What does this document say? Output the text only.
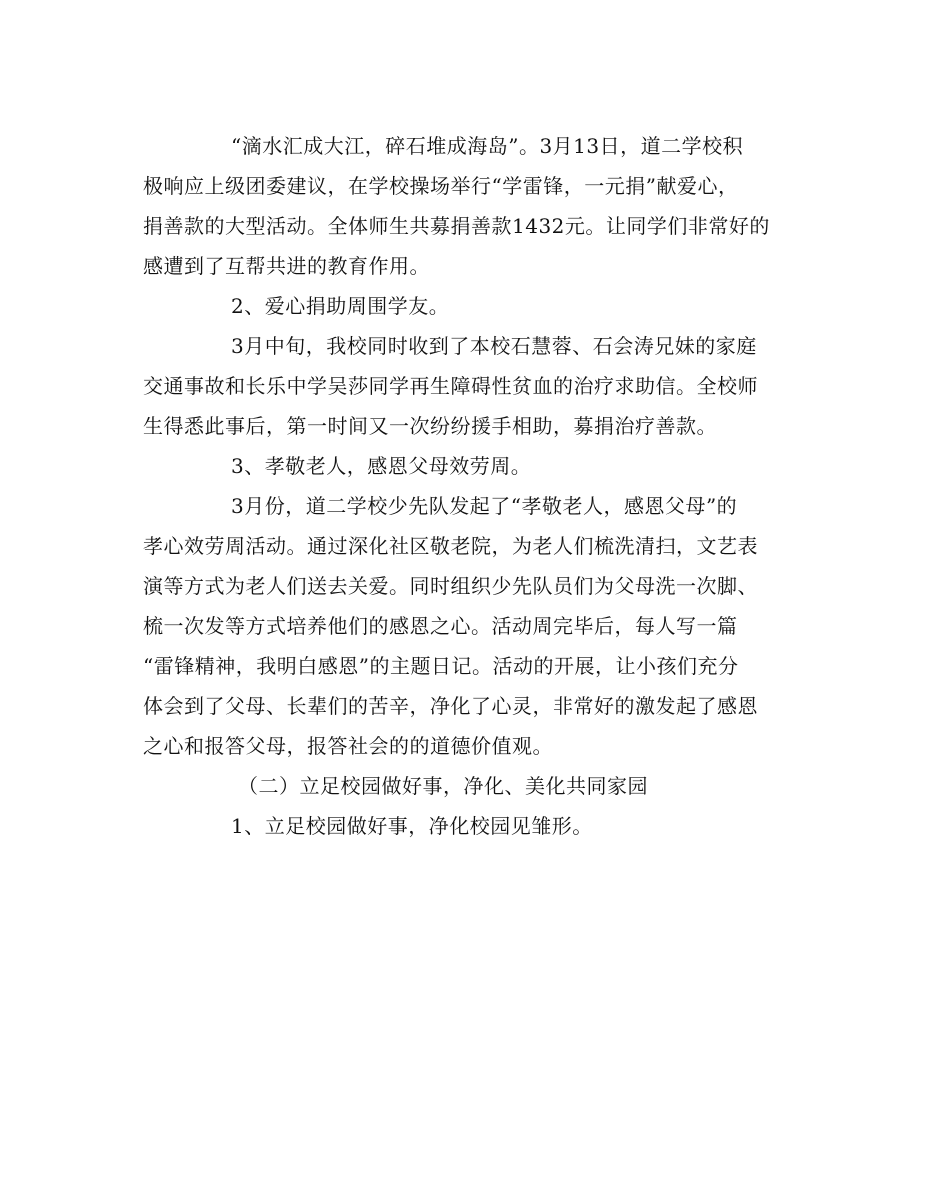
“滴水汇成大江，碎石堆成海岛”。3月13日，道二学校积
极响应上级团委建议，在学校操场举行“学雷锋，一元捐”献爱心，
捐善款的大型活动。全体师生共募捐善款1432元。让同学们非常好的
感遭到了互帮共进的教育作用。
2、爱心捐助周围学友。
3月中旬，我校同时收到了本校石慧蓉、石会涛兄妹的家庭
交通事故和长乐中学吴莎同学再生障碍性贫血的治疗求助信。全校师
生得悉此事后，第一时间又一次纷纷援手相助，募捐治疗善款。
3、孝敬老人，感恩父母效劳周。
3月份，道二学校少先队发起了“孝敬老人，感恩父母”的
孝心效劳周活动。通过深化社区敬老院，为老人们梳洗清扫，文艺表
演等方式为老人们送去关爱。同时组织少先队员们为父母洗一次脚、
梳一次发等方式培养他们的感恩之心。活动周完毕后，每人写一篇
“雷锋精神，我明白感恩”的主题日记。活动的开展，让小孩们充分
体会到了父母、长辈们的苦辛，净化了心灵，非常好的激发起了感恩
之心和报答父母，报答社会的的道德价值观。
（二）立足校园做好事，净化、美化共同家园
1、立足校园做好事，净化校园见雏形。
